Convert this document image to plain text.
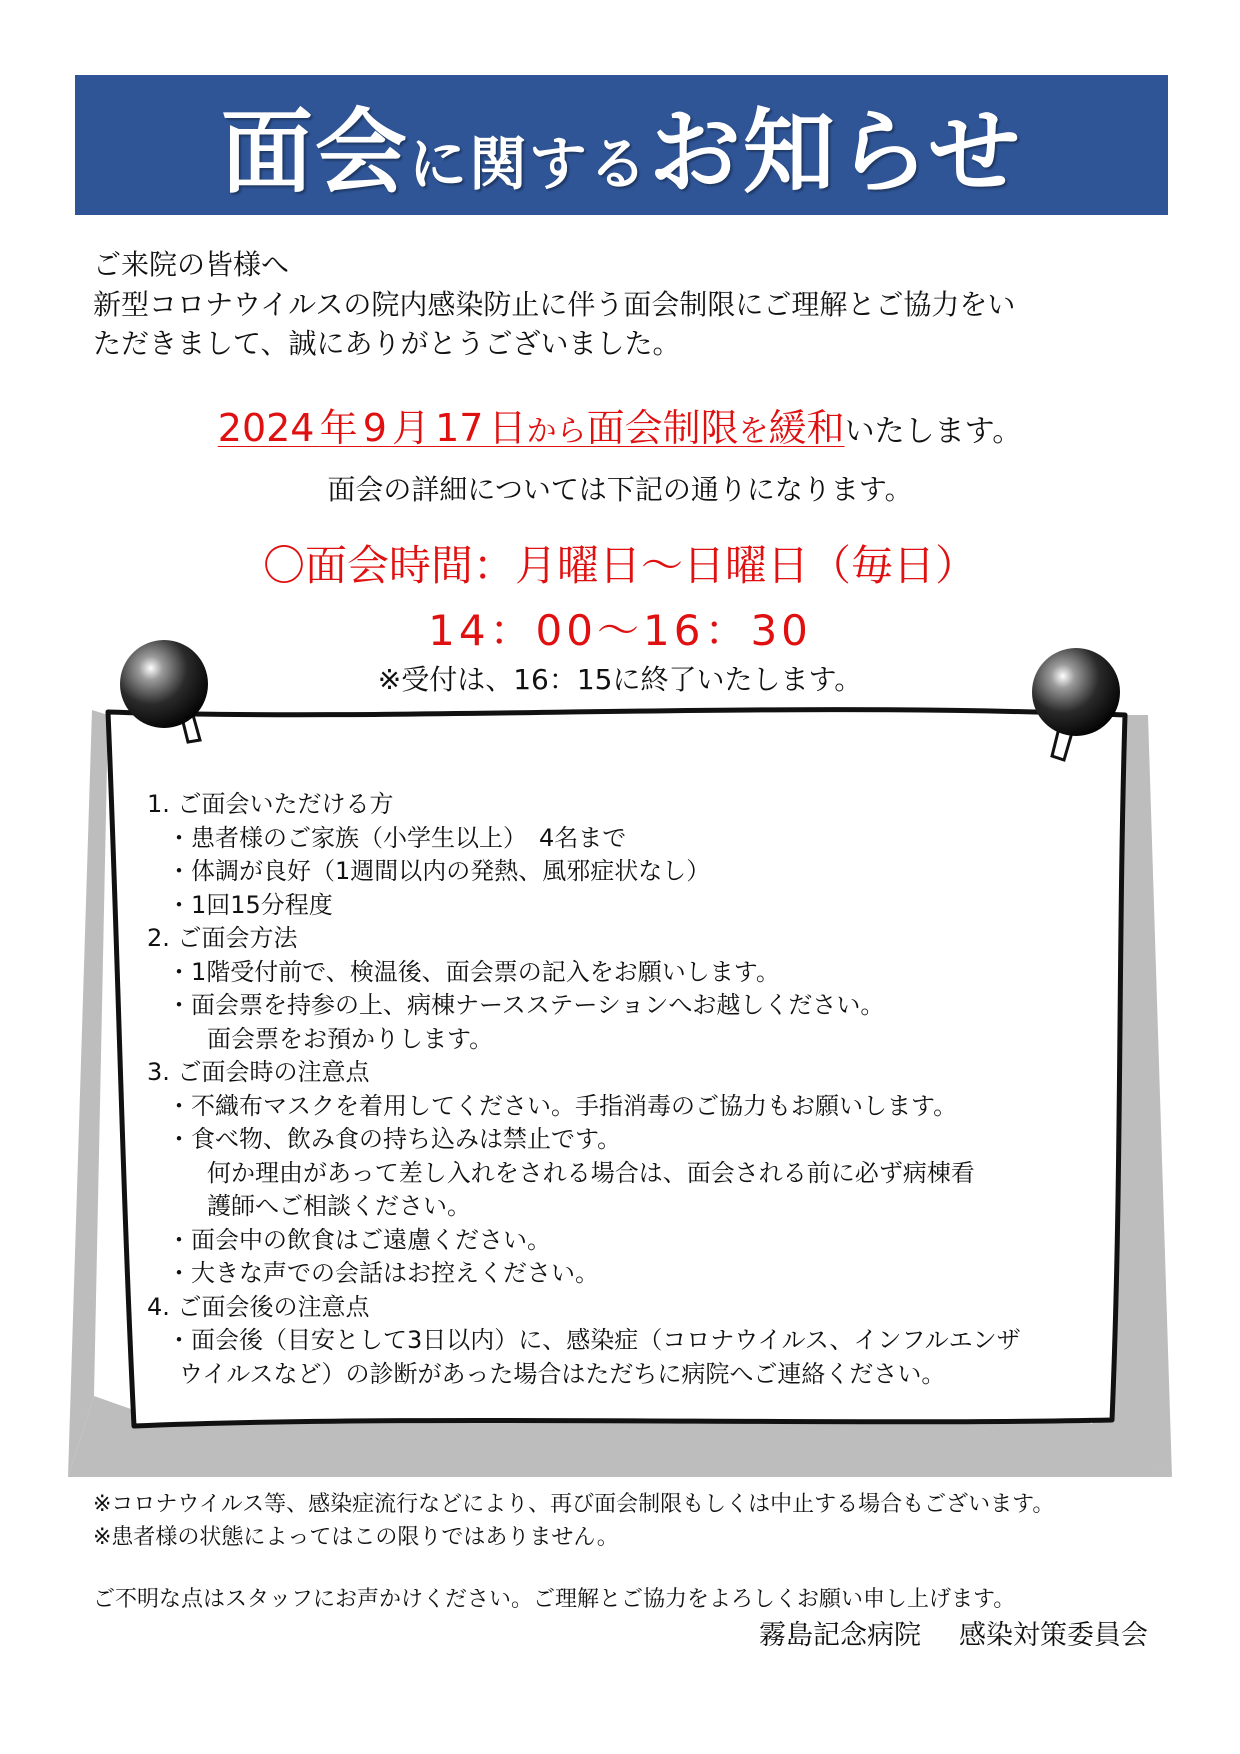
面会に関するお知らせ
ご来院の皆様へ
新型コロナウイルスの院内感染防止に伴う面会制限にご理解とご協力をい
ただきまして、誠にありがとうございました。
2024 年 9 月 17 日から面会制限を緩和いたします。
面会の詳細については下記の通りになります。
〇面会時間：月曜日～日曜日（毎日）
14：00～16：30
※受付は、16：15に終了いたします。
1. ご面会いただける方
・患者様のご家族（小学生以上）　4名まで
・体調が良好（1週間以内の発熱、風邪症状なし）
・1回15分程度
2. ご面会方法
・1階受付前で、検温後、面会票の記入をお願いします。
・面会票を持参の上、病棟ナースステーションへお越しください。
面会票をお預かりします。
3. ご面会時の注意点
・不織布マスクを着用してください。手指消毒のご協力もお願いします。
・食べ物、飲み食の持ち込みは禁止です。
何か理由があって差し入れをされる場合は、面会される前に必ず病棟看
護師へご相談ください。
・面会中の飲食はご遠慮ください。
・大きな声での会話はお控えください。
4. ご面会後の注意点
・面会後（目安として3日以内）に、感染症（コロナウイルス、インフルエンザ
ウイルスなど）の診断があった場合はただちに病院へご連絡ください。
※コロナウイルス等、感染症流行などにより、再び面会制限もしくは中止する場合もございます。
※患者様の状態によってはこの限りではありません。
ご不明な点はスタッフにお声かけください。ご理解とご協力をよろしくお願い申し上げます。
霧島記念病院 感染対策委員会
